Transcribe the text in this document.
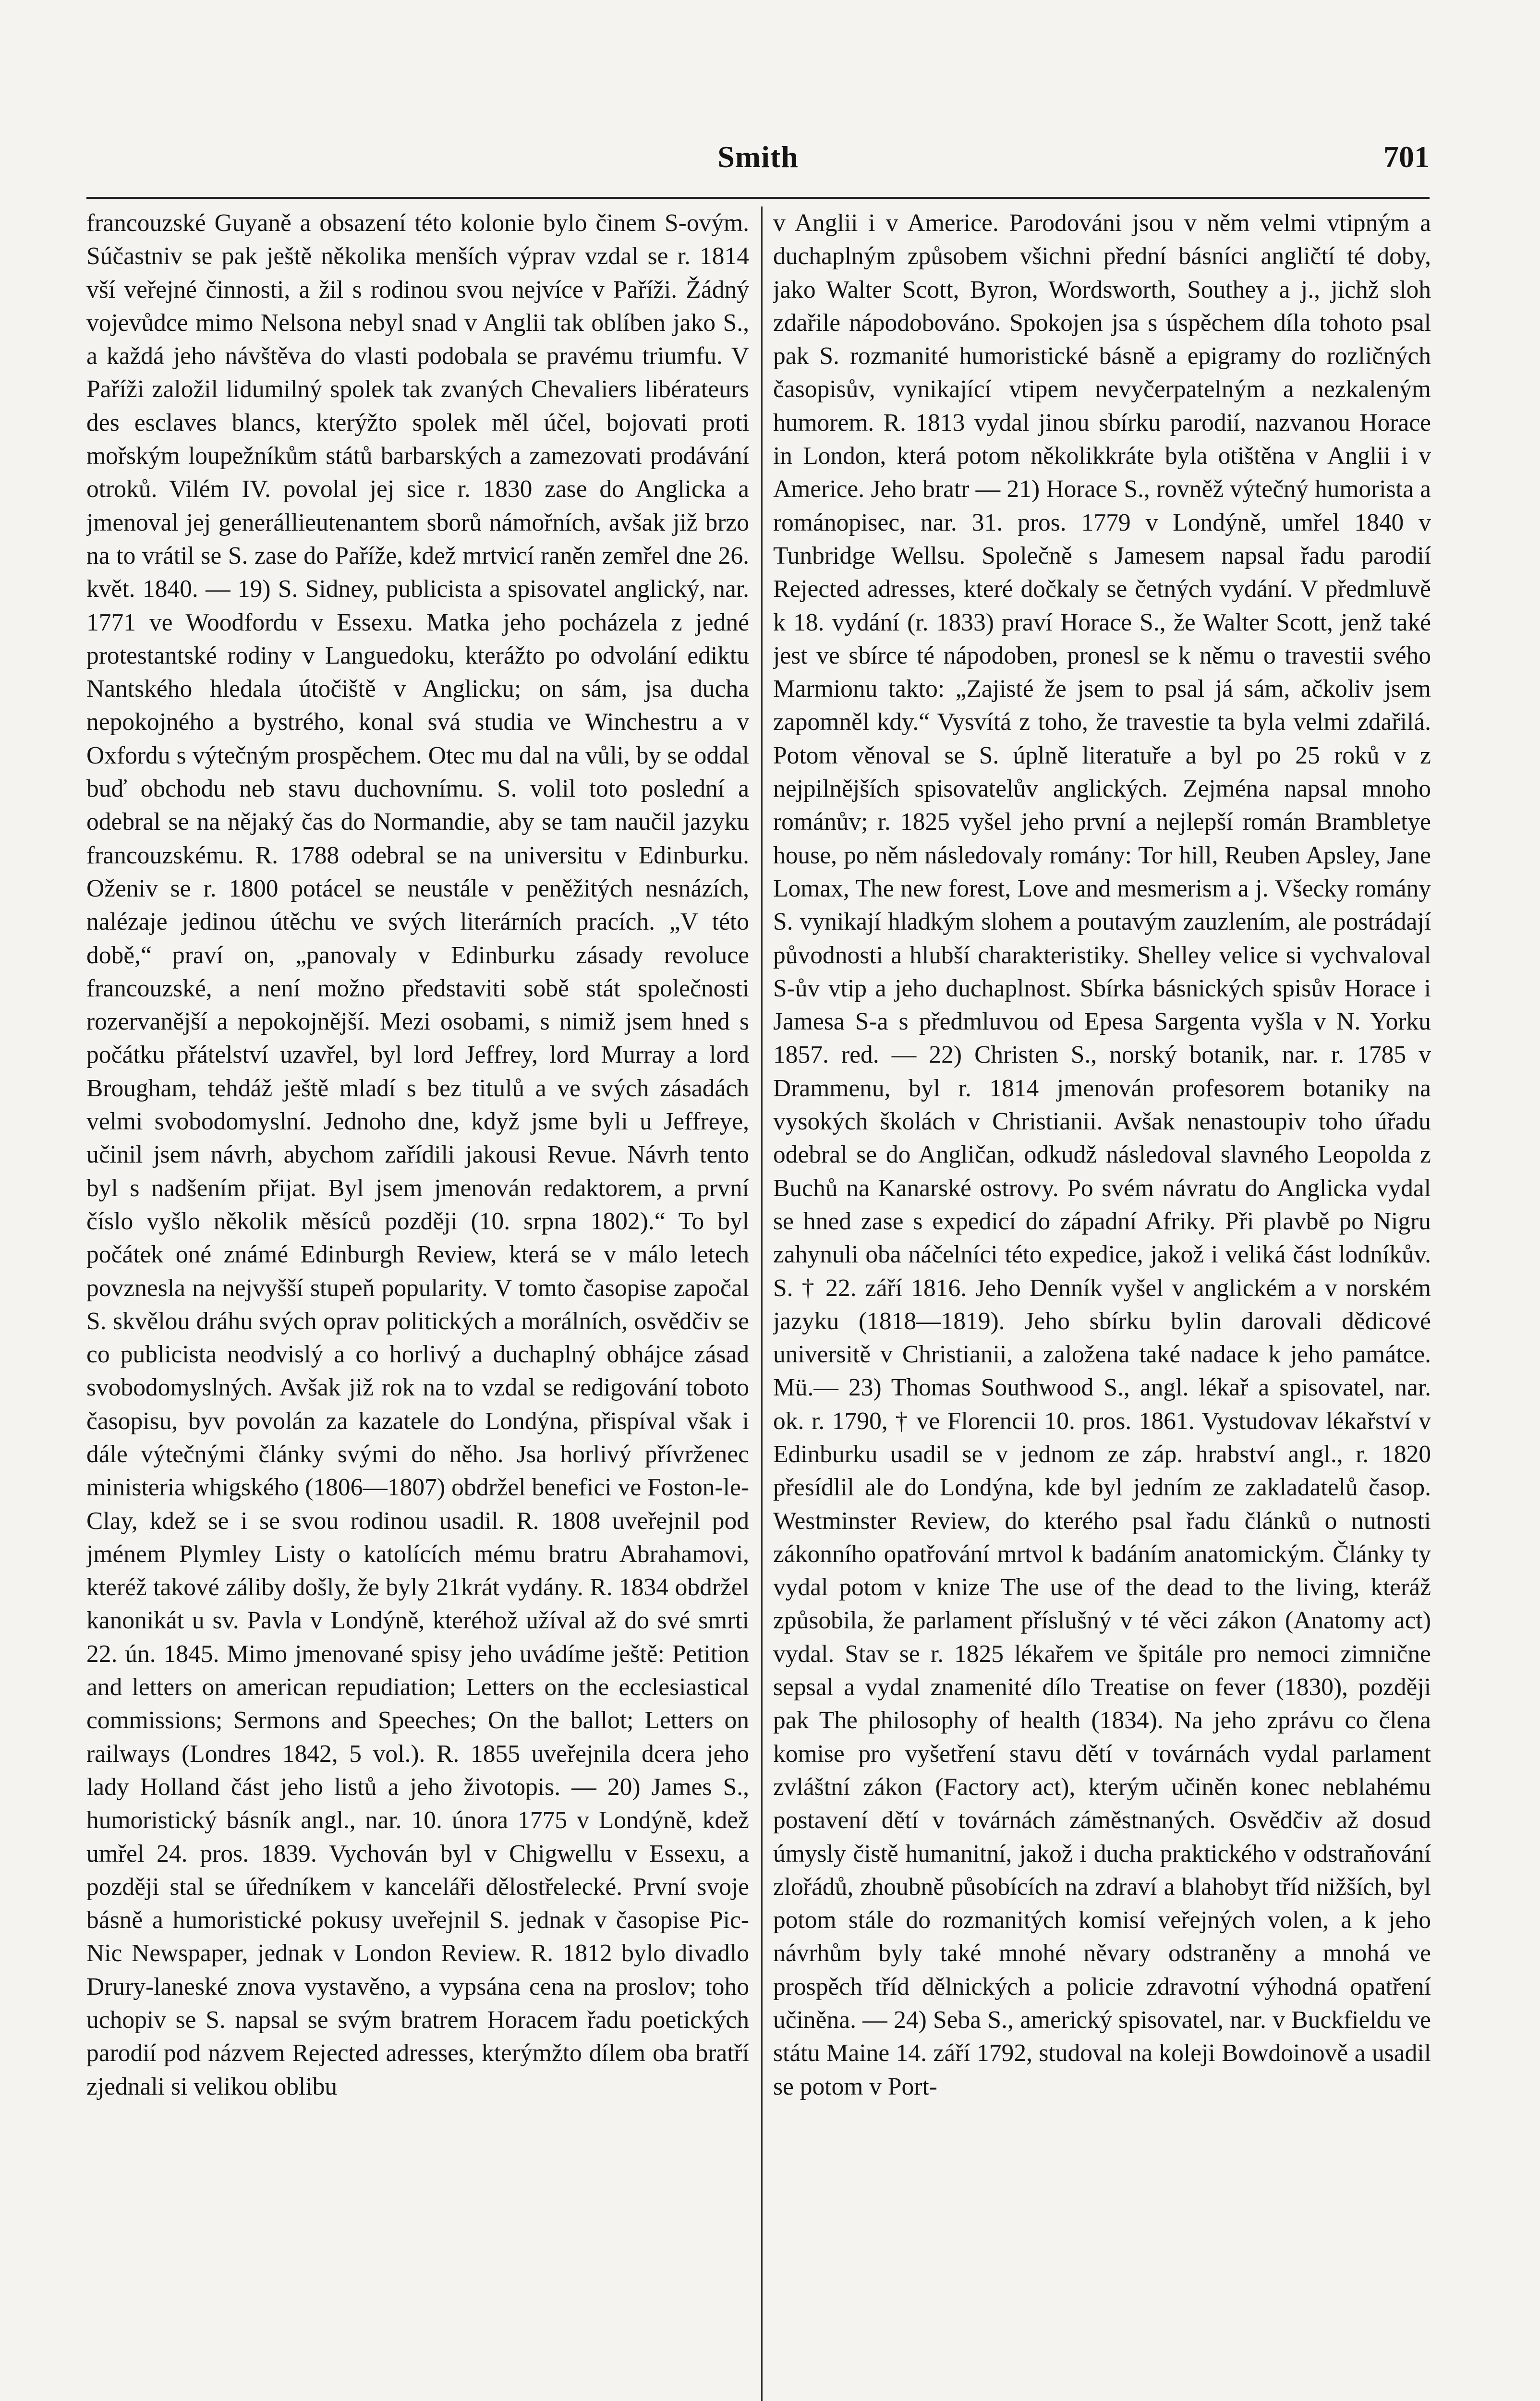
Smith	701

francouzské Guyaně a obsazení této kolonie bylo činem S-ovým. Súčastniv se pak ještě několika menších výprav vzdal se r. 1814 vší veřejné činnosti, a žil s rodinou svou nejvíce v Paříži. Žádný vojevůdce mimo Nelsona nebyl snad v Anglii tak oblíben jako S., a každá jeho návštěva do vlasti podobala se pravému triumfu. V Paříži založil lidumilný spolek tak zvaných Chevaliers libérateurs des esclaves blancs, kterýžto spolek měl účel, bojovati proti mořským loupežníkům států barbarských a zamezovati prodávání otroků. Vilém IV. povolal jej sice r. 1830 zase do Anglicka a jmenoval jej generállieutenantem sborů námořních, avšak již brzo na to vrátil se S. zase do Paříže, kdež mrtvicí raněn zemřel dne 26. květ. 1840. — 19) S. Sidney, publicista a spisovatel anglický, nar. 1771 ve Woodfordu v Essexu. Matka jeho pocházela z jedné protestantské rodiny v Languedoku, kterážto po odvolání ediktu Nantského hledala útočiště v Anglicku; on sám, jsa ducha nepokojného a bystrého, konal svá studia ve Winchestru a v Oxfordu s výtečným prospěchem. Otec mu dal na vůli, by se oddal buď obchodu neb stavu duchovnímu. S. volil toto poslední a odebral se na nějaký čas do Normandie, aby se tam naučil jazyku francouzskému. R. 1788 odebral se na universitu v Edinburku. Oženiv se r. 1800 potácel se neustále v peněžitých nesnázích, nalézaje jedinou útěchu ve svých literárních pracích. „V této době,“ praví on, „panovaly v Edinburku zásady revoluce francouzské, a není možno představiti sobě stát společnosti rozervanější a nepokojnější. Mezi osobami, s nimiž jsem hned s počátku přátelství uzavřel, byl lord Jeffrey, lord Murray a lord Brougham, tehdáž ještě mladí s bez titulů a ve svých zásadách velmi svobodomyslní. Jednoho dne, když jsme byli u Jeffreye, učinil jsem návrh, abychom zařídili jakousi Revue. Návrh tento byl s nadšením přijat. Byl jsem jmenován redaktorem, a první číslo vyšlo několik měsíců později (10. srpna 1802).“ To byl počátek oné známé Edinburgh Review, která se v málo letech povznesla na nejvyšší stupeň popularity. V tomto časopise započal S. skvělou dráhu svých oprav politických a morálních, osvědčiv se co publicista neodvislý a co horlivý a duchaplný obhájce zásad svobodomyslných. Avšak již rok na to vzdal se redigování toboto časopisu, byv povolán za kazatele do Londýna, přispíval však i dále výtečnými články svými do něho. Jsa horlivý přívrženec ministeria whigského (1806—1807) obdržel benefici ve Foston-le-Clay, kdež se i se svou rodinou usadil. R. 1808 uveřejnil pod jménem Plymley Listy o katolících mému bratru Abrahamovi, kteréž takové záliby došly, že byly 21krát vydány. R. 1834 obdržel kanonikát u sv. Pavla v Londýně, kteréhož užíval až do své smrti 22. ún. 1845. Mimo jmenované spisy jeho uvádíme ještě: Petition and letters on american repudiation; Letters on the ecclesiastical commissions; Sermons and Speeches; On the ballot; Letters on railways (Londres 1842, 5 vol.). R. 1855 uveřejnila dcera jeho lady Holland část jeho listů a jeho životopis. — 20) James S., humoristický básník angl., nar. 10. února 1775 v Londýně, kdež umřel 24. pros. 1839. Vychován byl v Chigwellu v Essexu, a později stal se úředníkem v kanceláři dělostřelecké. První svoje básně a humoristické pokusy uveřejnil S. jednak v časopise Pic-Nic Newspaper, jednak v London Review. R. 1812 bylo divadlo Drury-laneské znova vystavěno, a vypsána cena na proslov; toho uchopiv se S. napsal se svým bratrem Horacem řadu poetických parodií pod názvem Rejected adresses, kterýmžto dílem oba bratří zjednali si velikou oblibu

v Anglii i v Americe. Parodováni jsou v něm velmi vtipným a duchaplným způsobem všichni přední básníci angličtí té doby, jako Walter Scott, Byron, Wordsworth, Southey a j., jichž sloh zdařile nápodobováno. Spokojen jsa s úspěchem díla tohoto psal pak S. rozmanité humoristické básně a epigramy do rozličných časopisův, vynikající vtipem nevyčerpatelným a nezkaleným humorem. R. 1813 vydal jinou sbírku parodií, nazvanou Horace in London, která potom několikkráte byla otištěna v Anglii i v Americe. Jeho bratr — 21) Horace S., rovněž výtečný humorista a románopisec, nar. 31. pros. 1779 v Londýně, umřel 1840 v Tunbridge Wellsu. Společně s Jamesem napsal řadu parodií Rejected adresses, které dočkaly se četných vydání. V předmluvě k 18. vydání (r. 1833) praví Horace S., že Walter Scott, jenž také jest ve sbírce té nápodoben, pronesl se k němu o travestii svého Marmionu takto: „Zajisté že jsem to psal já sám, ačkoliv jsem zapomněl kdy.“ Vysvítá z toho, že travestie ta byla velmi zdařilá. Potom věnoval se S. úplně literatuře a byl po 25 roků v z nejpilnějších spisovatelův anglických. Zejména napsal mnoho románův; r. 1825 vyšel jeho první a nejlepší román Brambletye house, po něm následovaly romány: Tor hill, Reuben Apsley, Jane Lomax, The new forest, Love and mesmerism a j. Všecky romány S. vynikají hladkým slohem a poutavým zauzlením, ale postrádají původnosti a hlubší charakteristiky. Shelley velice si vychvaloval S-ův vtip a jeho duchaplnost. Sbírka básnických spisův Horace i Jamesa S-a s předmluvou od Epesa Sargenta vyšla v N. Yorku 1857. red. — 22) Christen S., norský botanik, nar. r. 1785 v Drammenu, byl r. 1814 jmenován profesorem botaniky na vysokých školách v Christianii. Avšak nenastoupiv toho úřadu odebral se do Angličan, odkudž následoval slavného Leopolda z Buchů na Kanarské ostrovy. Po svém návratu do Anglicka vydal se hned zase s expedicí do západní Afriky. Při plavbě po Nigru zahynuli oba náčelníci této expedice, jakož i veliká část lodníkův. S. † 22. září 1816. Jeho Denník vyšel v anglickém a v norském jazyku (1818—1819). Jeho sbírku bylin darovali dědicové universitě v Christianii, a založena také nadace k jeho památce. Mü.— 23) Thomas Southwood S., angl. lékař a spisovatel, nar. ok. r. 1790, † ve Florencii 10. pros. 1861. Vystudovav lékařství v Edinburku usadil se v jednom ze záp. hrabství angl., r. 1820 přesídlil ale do Londýna, kde byl jedním ze zakladatelů časop. Westminster Review, do kterého psal řadu článků o nutnosti zákonního opatřování mrtvol k badáním anatomickým. Články ty vydal potom v knize The use of the dead to the living, kteráž způsobila, že parlament příslušný v té věci zákon (Anatomy act) vydal. Stav se r. 1825 lékařem ve špitále pro nemoci zimnične sepsal a vydal znamenité dílo Treatise on fever (1830), později pak The philosophy of health (1834). Na jeho zprávu co člena komise pro vyšetření stavu dětí v továrnách vydal parlament zvláštní zákon (Factory act), kterým učiněn konec neblahému postavení dětí v továrnách záměstnaných. Osvědčiv až dosud úmysly čistě humanitní, jakož i ducha praktického v odstraňování zlořádů, zhoubně působících na zdraví a blahobyt tříd nižších, byl potom stále do rozmanitých komisí veřejných volen, a k jeho návrhům byly také mnohé něvary odstraněny a mnohá ve prospěch tříd dělnických a policie zdravotní výhodná opatření učiněna. — 24) Seba S., americký spisovatel, nar. v Buckfieldu ve státu Maine 14. září 1792, studoval na koleji Bowdoinově a usadil se potom v Port-
